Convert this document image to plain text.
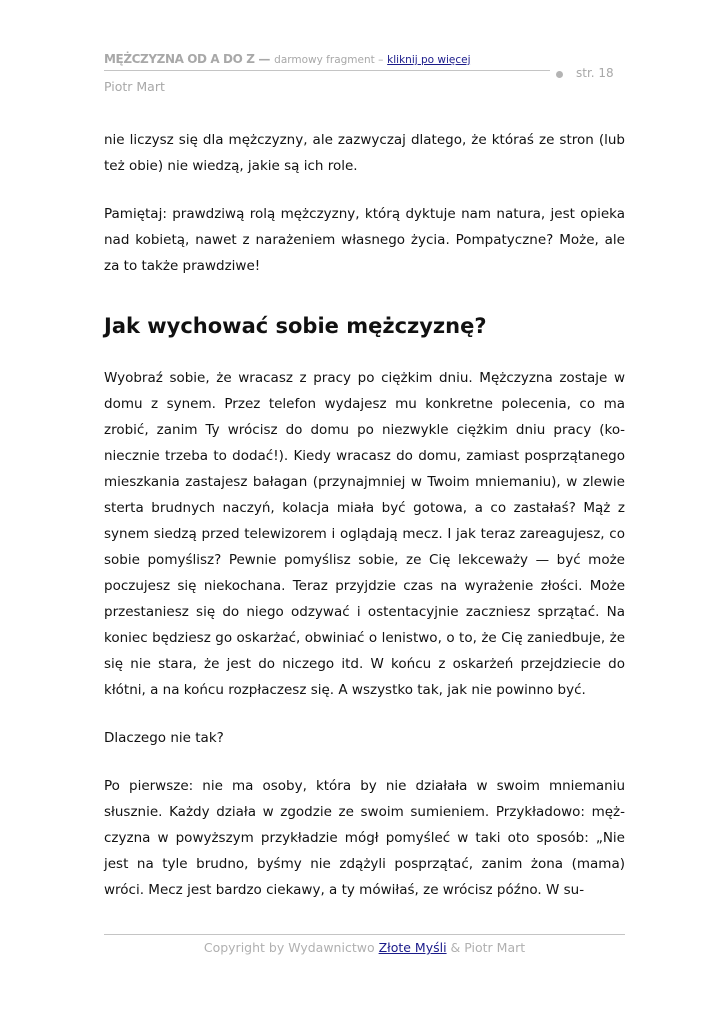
MĘŻCZYZNA OD A DO Z — darmowy fragment – kliknij po więcej
str. 18
Piotr Mart

nie liczysz się dla mężczyzny, ale zazwyczaj dlatego, że któraś ze stron (lub też obie) nie wiedzą, jakie są ich role.

Pamiętaj: prawdziwą rolą mężczyzny, którą dyktuje nam natura, jest opieka nad kobietą, nawet z narażeniem własnego życia. Pompatyczne? Może, ale za to także prawdziwe!

Jak wychować sobie mężczyznę?

Wyobraź sobie, że wracasz z pracy po ciężkim dniu. Mężczyzna zostaje w domu z synem. Przez telefon wydajesz mu konkretne polecenia, co ma zrobić, zanim Ty wrócisz do domu po niezwykle ciężkim dniu pracy (koniecznie trzeba to dodać!). Kiedy wracasz do domu, zamiast posprzątanego mieszkania zastajesz bałagan (przynajmniej w Twoim mniemaniu), w zlewie sterta brudnych naczyń, kolacja miała być gotowa, a co zastałaś? Mąż z synem siedzą przed telewizorem i oglądają mecz. I jak teraz zareagujesz, co sobie pomyślisz? Pewnie pomyślisz sobie, ze Cię lekceważy — być może poczujesz się niekochana. Teraz przyjdzie czas na wyrażenie złości. Może przestaniesz się do niego odzywać i ostentacyjnie zaczniesz sprzątać. Na koniec będziesz go oskarżać, obwiniać o lenistwo, o to, że Cię zaniedbuje, że się nie stara, że jest do niczego itd. W końcu z oskarżeń przejdziecie do kłótni, a na końcu rozpłaczesz się. A wszystko tak, jak nie powinno być.

Dlaczego nie tak?

Po pierwsze: nie ma osoby, która by nie działała w swoim mniemaniu słusznie. Każdy działa w zgodzie ze swoim sumieniem. Przykładowo: mężczyzna w powyższym przykładzie mógł pomyśleć w taki oto sposób: „Nie jest na tyle brudno, byśmy nie zdążyli posprzątać, zanim żona (mama) wróci. Mecz jest bardzo ciekawy, a ty mówiłaś, ze wrócisz późno. W su-

Copyright by Wydawnictwo Złote Myśli & Piotr Mart
